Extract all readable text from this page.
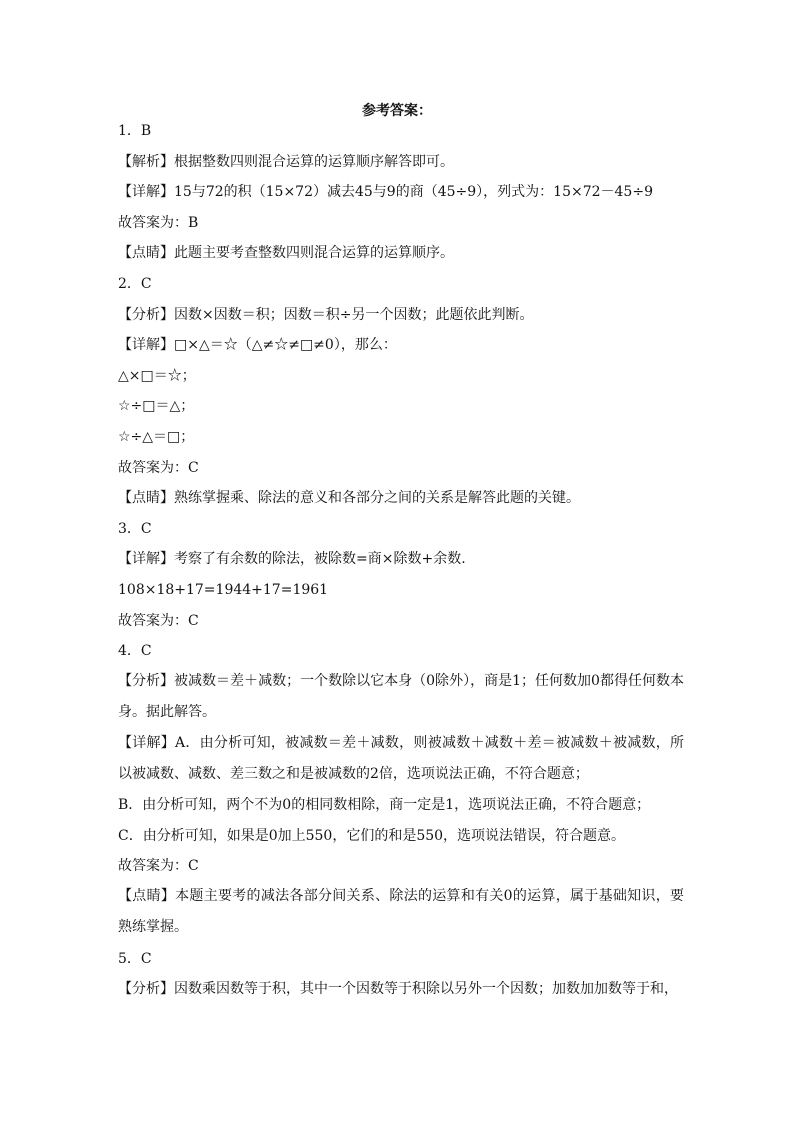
参考答案：
1．B
【解析】根据整数四则混合运算的运算顺序解答即可。
【详解】15与72的积（15×72）减去45与9的商（45÷9），列式为：15×72－45÷9
故答案为：B
【点睛】此题主要考查整数四则混合运算的运算顺序。
2．C
【分析】因数×因数＝积；因数＝积÷另一个因数；此题依此判断。
【详解】□×△＝☆（△≠☆≠□≠0），那么：
△×□＝☆；
☆÷□＝△；
☆÷△＝□；
故答案为：C
【点睛】熟练掌握乘、除法的意义和各部分之间的关系是解答此题的关键。
3．C
【详解】考察了有余数的除法，被除数=商×除数+余数.
108×18+17=1944+17=1961
故答案为：C
4．C
【分析】被减数＝差＋减数；一个数除以它本身（0除外），商是1；任何数加0都得任何数本身。据此解答。
【详解】A．由分析可知，被减数＝差＋减数，则被减数＋减数＋差＝被减数＋被减数，所以被减数、减数、差三数之和是被减数的2倍，选项说法正确，不符合题意；
B．由分析可知，两个不为0的相同数相除，商一定是1，选项说法正确，不符合题意；
C．由分析可知，如果是0加上550，它们的和是550，选项说法错误，符合题意。
故答案为：C
【点睛】本题主要考的减法各部分间关系、除法的运算和有关0的运算，属于基础知识，要熟练掌握。
5．C
【分析】因数乘因数等于积，其中一个因数等于积除以另外一个因数；加数加加数等于和，
